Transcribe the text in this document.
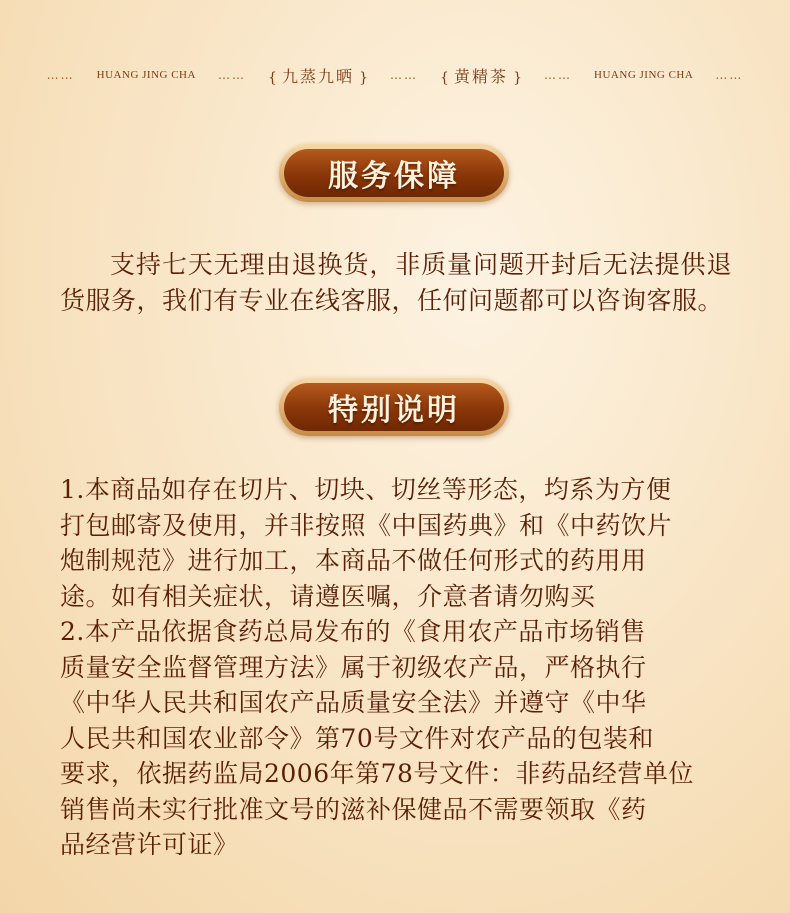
…… HUANG JING CHA …… { 九蒸九晒 } …… { 黄精茶 } …… HUANG JING CHA ……
服务保障
支持七天无理由退换货，非质量问题开封后无法提供退货服务，我们有专业在线客服，任何问题都可以咨询客服。
特别说明
1.本商品如存在切片、切块、切丝等形态，均系为方便
打包邮寄及使用，并非按照《中国药典》和《中药饮片
炮制规范》进行加工，本商品不做任何形式的药用用
途。如有相关症状，请遵医嘱，介意者请勿购买
2.本产品依据食药总局发布的《食用农产品市场销售
质量安全监督管理方法》属于初级农产品，严格执行
《中华人民共和国农产品质量安全法》并遵守《中华
人民共和国农业部令》第70号文件对农产品的包装和
要求，依据药监局2006年第78号文件：非药品经营单位
销售尚未实行批准文号的滋补保健品不需要领取《药
品经营许可证》
